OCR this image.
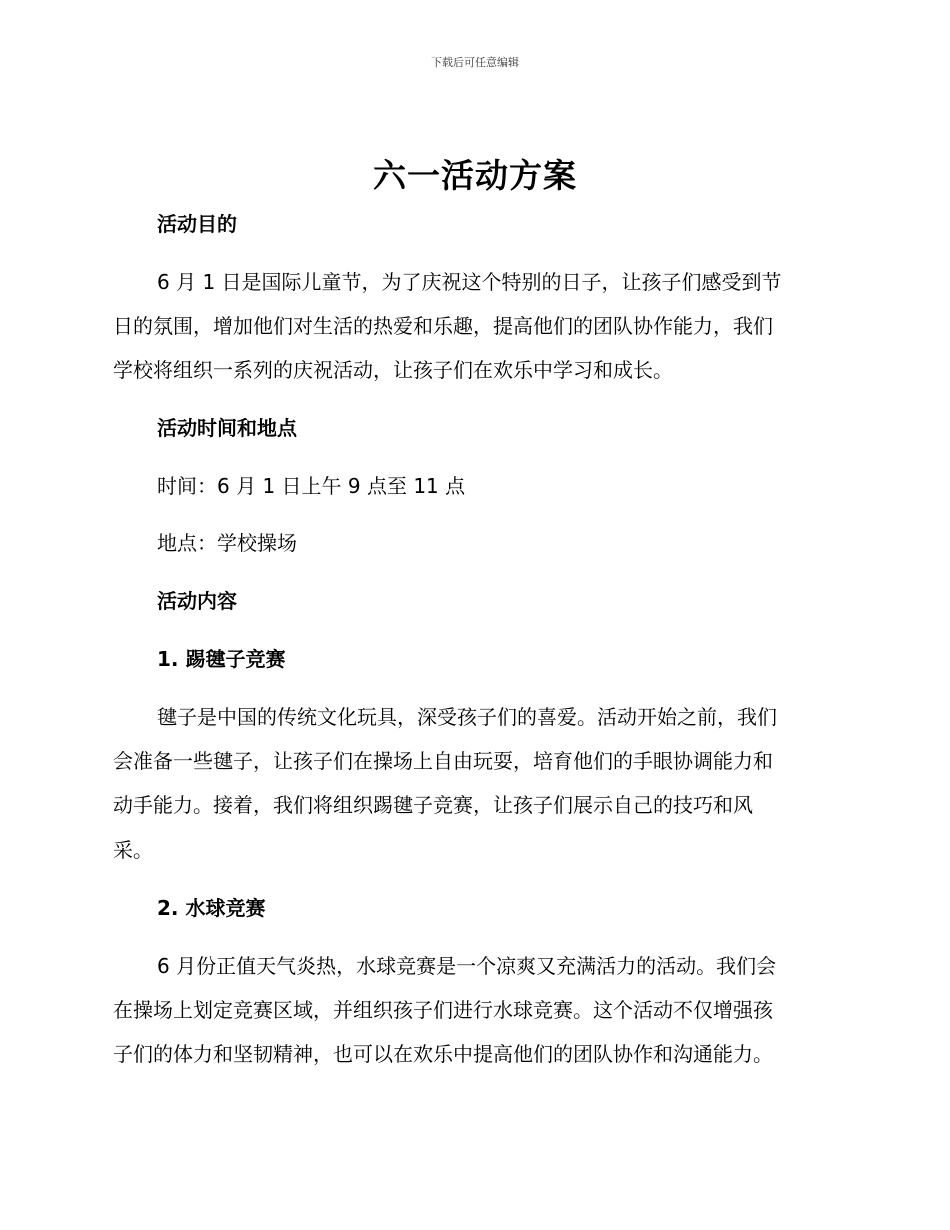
下载后可任意编辑
六一活动方案
活动目的
6 月 1 日是国际儿童节，为了庆祝这个特别的日子，让孩子们感受到节
日的氛围，增加他们对生活的热爱和乐趣，提高他们的团队协作能力，我们
学校将组织一系列的庆祝活动，让孩子们在欢乐中学习和成长。
活动时间和地点
时间：6 月 1 日上午 9 点至 11 点
地点：学校操场
活动内容
1. 踢毽子竞赛
毽子是中国的传统文化玩具，深受孩子们的喜爱。活动开始之前，我们
会准备一些毽子，让孩子们在操场上自由玩耍，培育他们的手眼协调能力和
动手能力。接着，我们将组织踢毽子竞赛，让孩子们展示自己的技巧和风
采。
2. 水球竞赛
6 月份正值天气炎热，水球竞赛是一个凉爽又充满活力的活动。我们会
在操场上划定竞赛区域，并组织孩子们进行水球竞赛。这个活动不仅增强孩
子们的体力和坚韧精神，也可以在欢乐中提高他们的团队协作和沟通能力。
